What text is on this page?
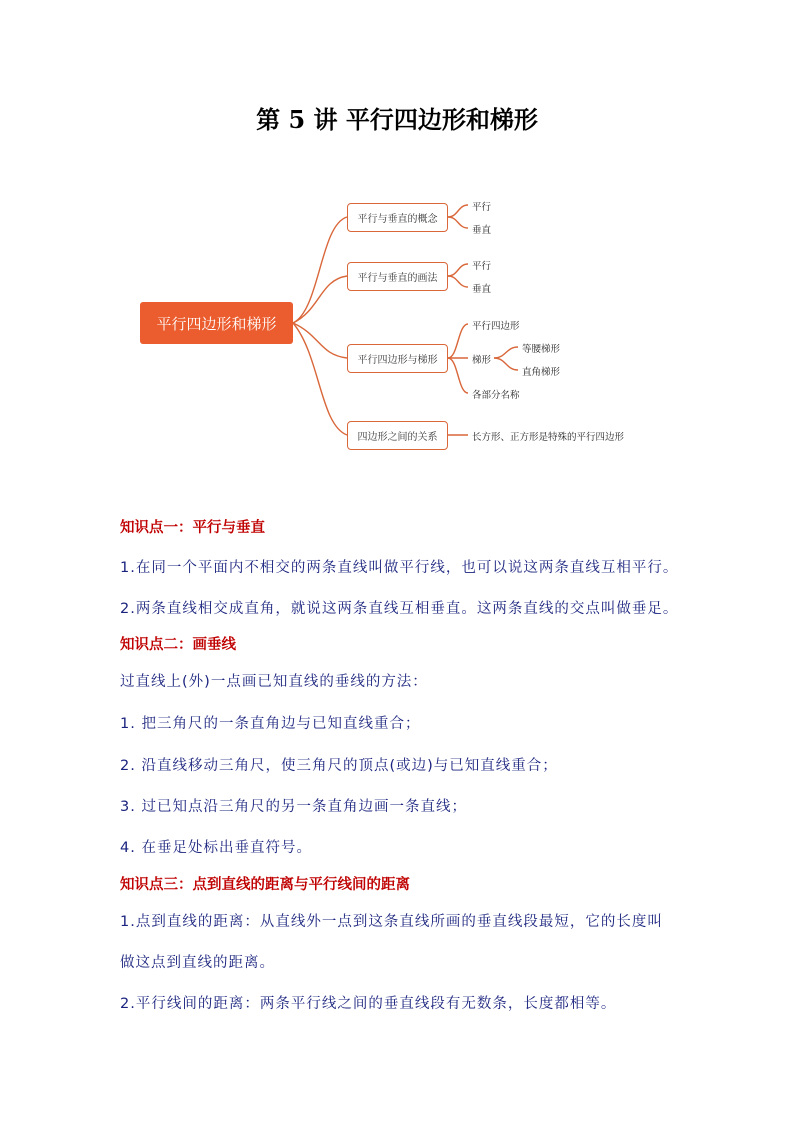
第 5 讲 平行四边形和梯形
平行四边形和梯形
平行与垂直的概念
平行与垂直的画法
平行四边形与梯形
四边形之间的关系
平行
垂直
平行
垂直
平行四边形
梯形
等腰梯形
直角梯形
各部分名称
长方形、正方形是特殊的平行四边形
知识点一：平行与垂直
1.在同一个平面内不相交的两条直线叫做平行线，也可以说这两条直线互相平行。
2.两条直线相交成直角，就说这两条直线互相垂直。这两条直线的交点叫做垂足。
知识点二：画垂线
过直线上(外)一点画已知直线的垂线的方法：
1. 把三角尺的一条直角边与已知直线重合；
2. 沿直线移动三角尺，使三角尺的顶点(或边)与已知直线重合；
3. 过已知点沿三角尺的另一条直角边画一条直线；
4. 在垂足处标出垂直符号。
知识点三：点到直线的距离与平行线间的距离
1.点到直线的距离：从直线外一点到这条直线所画的垂直线段最短，它的长度叫
做这点到直线的距离。
2.平行线间的距离：两条平行线之间的垂直线段有无数条，长度都相等。
